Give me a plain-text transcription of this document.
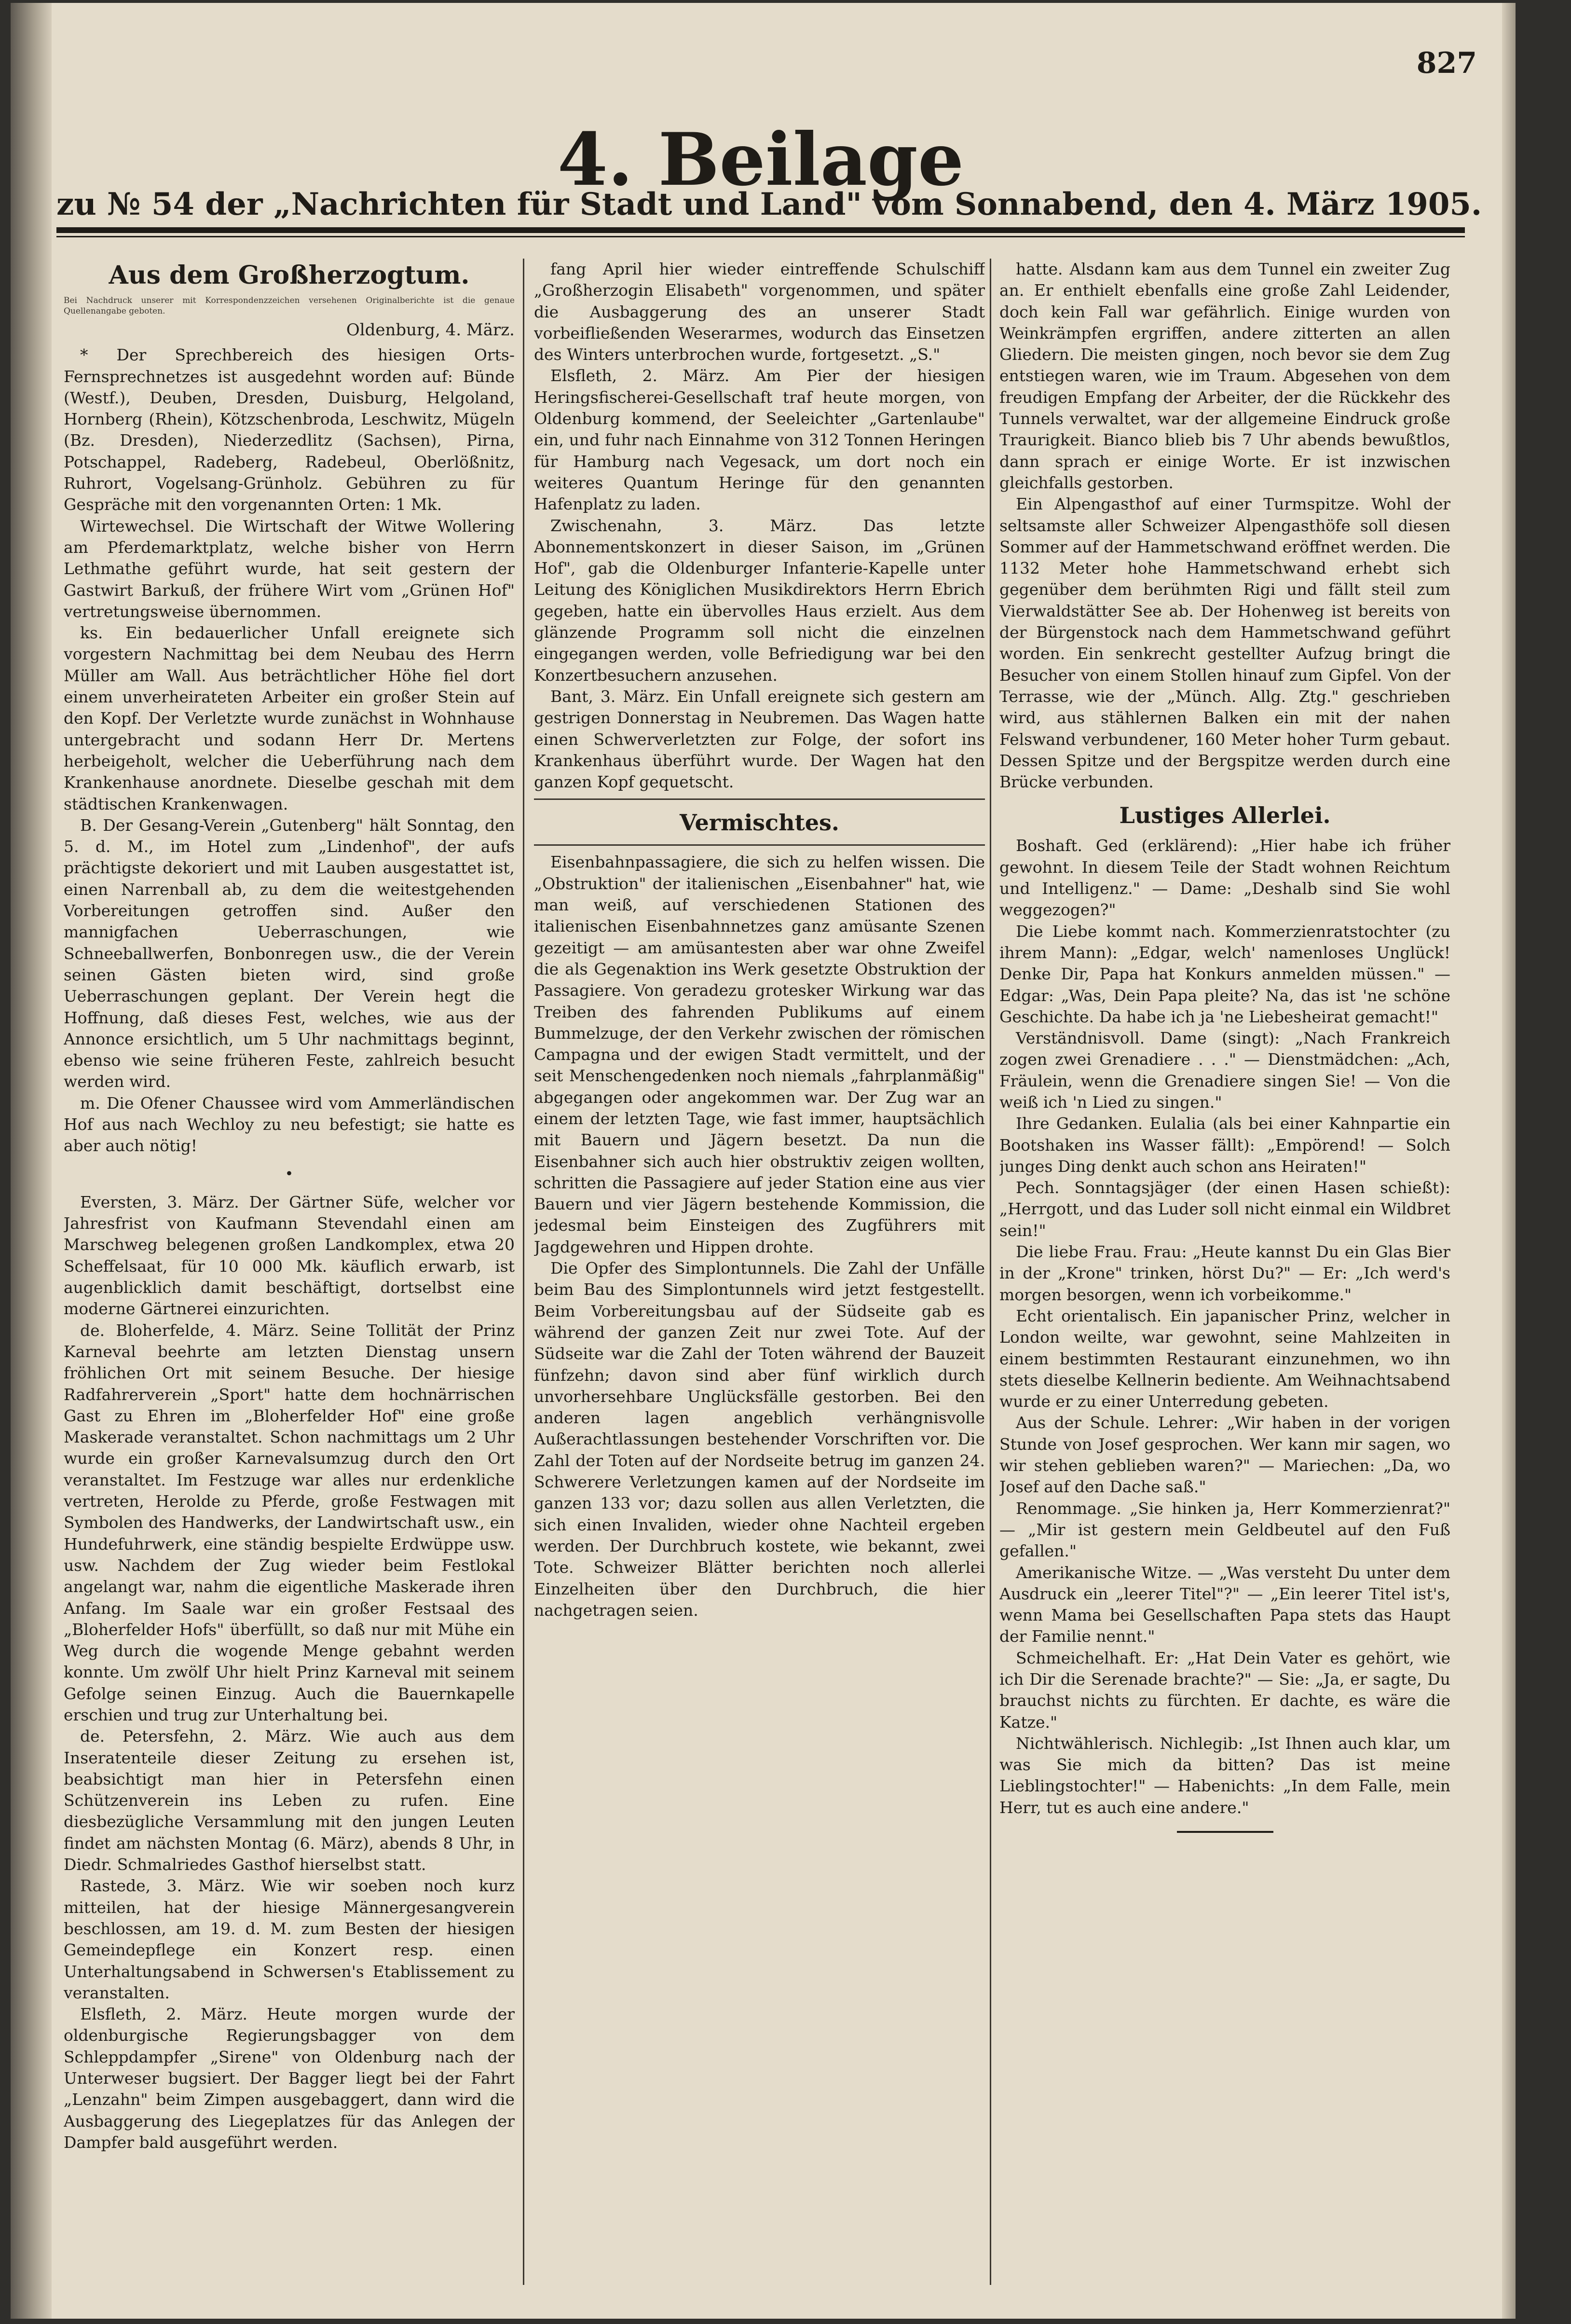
827
4. Beilage
zu № 54 der „Nachrichten für Stadt und Land" vom Sonnabend, den 4. März 1905.
Aus dem Großherzogtum.
Bei Nachdruck unserer mit Korrespondenzzeichen versehenen Originalberichte ist die genaue Quellenangabe geboten.
Oldenburg, 4. März.

* Der Sprechbereich des hiesigen Orts-Fernsprechnetzes ist ausgedehnt worden auf: Bünde (Westf.), Deuben, Dresden, Duisburg, Helgoland, Hornberg (Rhein), Kötzschenbroda, Leschwitz, Mügeln (Bz. Dresden), Niederzedlitz (Sachsen), Pirna, Potschappel, Radeberg, Radebeul, Oberlößnitz, Ruhrort, Vogelsang-Grünholz. Gebühren zu für Gespräche mit den vorgenannten Orten: 1 Mk.

Wirtewechsel. Die Wirtschaft der Witwe Wollering am Pferdemarktplatz, welche bisher von Herrn Lethmathe geführt wurde, hat seit gestern der Gastwirt Barkuß, der frühere Wirt vom „Grünen Hof" vertretungsweise übernommen.

ks. Ein bedauerlicher Unfall ereignete sich vorgestern Nachmittag bei dem Neubau des Herrn Müller am Wall. Aus beträchtlicher Höhe fiel dort einem unverheirateten Arbeiter ein großer Stein auf den Kopf. Der Verletzte wurde zunächst in Wohnhause untergebracht und sodann Herr Dr. Mertens herbeigeholt, welcher die Ueberführung nach dem Krankenhause anordnete. Dieselbe geschah mit dem städtischen Krankenwagen.

B. Der Gesang-Verein „Gutenberg" hält Sonntag, den 5. d. M., im Hotel zum „Lindenhof", der aufs prächtigste dekoriert und mit Lauben ausgestattet ist, einen Narrenball ab, zu dem die weitestgehenden Vorbereitungen getroffen sind. Außer den mannigfachen Ueberraschungen, wie Schneeballwerfen, Bonbonregen usw., die der Verein seinen Gästen bieten wird, sind große Ueberraschungen geplant. Der Verein hegt die Hoffnung, daß dieses Fest, welches, wie aus der Annonce ersichtlich, um 5 Uhr nachmittags beginnt, ebenso wie seine früheren Feste, zahlreich besucht werden wird.

m. Die Ofener Chaussee wird vom Ammerländischen Hof aus nach Wechloy zu neu befestigt; sie hatte es aber auch nötig!

•

Eversten, 3. März. Der Gärtner Süfe, welcher vor Jahresfrist von Kaufmann Stevendahl einen am Marschweg belegenen großen Landkomplex, etwa 20 Scheffelsaat, für 10 000 Mk. käuflich erwarb, ist augenblicklich damit beschäftigt, dortselbst eine moderne Gärtnerei einzurichten.

de. Bloherfelde, 4. März. Seine Tollität der Prinz Karneval beehrte am letzten Dienstag unsern fröhlichen Ort mit seinem Besuche. Der hiesige Radfahrerverein „Sport" hatte dem hochnärrischen Gast zu Ehren im „Bloherfelder Hof" eine große Maskerade veranstaltet. Schon nachmittags um 2 Uhr wurde ein großer Karnevalsumzug durch den Ort veranstaltet. Im Festzuge war alles nur erdenkliche vertreten, Herolde zu Pferde, große Festwagen mit Symbolen des Handwerks, der Landwirtschaft usw., ein Hundefuhrwerk, eine ständig bespielte Erdwüppe usw. usw. Nachdem der Zug wieder beim Festlokal angelangt war, nahm die eigentliche Maskerade ihren Anfang. Im Saale war ein großer Festsaal des „Bloherfelder Hofs" überfüllt, so daß nur mit Mühe ein Weg durch die wogende Menge gebahnt werden konnte. Um zwölf Uhr hielt Prinz Karneval mit seinem Gefolge seinen Einzug. Auch die Bauernkapelle erschien und trug zur Unterhaltung bei.

de. Petersfehn, 2. März. Wie auch aus dem Inseratenteile dieser Zeitung zu ersehen ist, beabsichtigt man hier in Petersfehn einen Schützenverein ins Leben zu rufen. Eine diesbezügliche Versammlung mit den jungen Leuten findet am nächsten Montag (6. März), abends 8 Uhr, in Diedr. Schmalriedes Gasthof hierselbst statt.

Rastede, 3. März. Wie wir soeben noch kurz mitteilen, hat der hiesige Männergesangverein beschlossen, am 19. d. M. zum Besten der hiesigen Gemeindepflege ein Konzert resp. einen Unterhaltungsabend in Schwersen's Etablissement zu veranstalten.

Elsfleth, 2. März. Heute morgen wurde der oldenburgische Regierungsbagger von dem Schleppdampfer „Sirene" von Oldenburg nach der Unterweser bugsiert. Der Bagger liegt bei der Fahrt „Lenzahn" beim Zimpen ausgebaggert, dann wird die Ausbaggerung des Liegeplatzes für das Anlegen der Dampfer bald ausgeführt werden.

fang April hier wieder eintreffende Schulschiff „Großherzogin Elisabeth" vorgenommen, und später die Ausbaggerung des an unserer Stadt vorbeifließenden Weserarmes, wodurch das Einsetzen des Winters unterbrochen wurde, fortgesetzt. „S."

Elsfleth, 2. März. Am Pier der hiesigen Heringsfischerei-Gesellschaft traf heute morgen, von Oldenburg kommend, der Seeleichter „Gartenlaube" ein, und fuhr nach Einnahme von 312 Tonnen Heringen für Hamburg nach Vegesack, um dort noch ein weiteres Quantum Heringe für den genannten Hafenplatz zu laden.

Zwischenahn, 3. März. Das letzte Abonnementskonzert in dieser Saison, im „Grünen Hof", gab die Oldenburger Infanterie-Kapelle unter Leitung des Königlichen Musikdirektors Herrn Ebrich gegeben, hatte ein übervolles Haus erzielt. Aus dem glänzende Programm soll nicht die einzelnen eingegangen werden, volle Befriedigung war bei den Konzertbesuchern anzusehen.

Bant, 3. März. Ein Unfall ereignete sich gestern am gestrigen Donnerstag in Neubremen. Das Wagen hatte einen Schwerverletzten zur Folge, der sofort ins Krankenhaus überführt wurde. Der Wagen hat den ganzen Kopf gequetscht.

Vermischtes.

Eisenbahnpassagiere, die sich zu helfen wissen. Die „Obstruktion" der italienischen „Eisenbahner" hat, wie man weiß, auf verschiedenen Stationen des italienischen Eisenbahnnetzes ganz amüsante Szenen gezeitigt — am amüsantesten aber war ohne Zweifel die als Gegenaktion ins Werk gesetzte Obstruktion der Passagiere. Von geradezu grotesker Wirkung war das Treiben des fahrenden Publikums auf einem Bummelzuge, der den Verkehr zwischen der römischen Campagna und der ewigen Stadt vermittelt, und der seit Menschengedenken noch niemals „fahrplanmäßig" abgegangen oder angekommen war. Der Zug war an einem der letzten Tage, wie fast immer, hauptsächlich mit Bauern und Jägern besetzt. Da nun die Eisenbahner sich auch hier obstruktiv zeigen wollten, schritten die Passagiere auf jeder Station eine aus vier Bauern und vier Jägern bestehende Kommission, die jedesmal beim Einsteigen des Zugführers mit Jagdgewehren und Hippen drohte.

Die Opfer des Simplontunnels. Die Zahl der Unfälle beim Bau des Simplontunnels wird jetzt festgestellt. Beim Vorbereitungsbau auf der Südseite gab es während der ganzen Zeit nur zwei Tote. Auf der Südseite war die Zahl der Toten während der Bauzeit fünfzehn; davon sind aber fünf wirklich durch unvorhersehbare Unglücksfälle gestorben. Bei den anderen lagen angeblich verhängnisvolle Außerachtlassungen bestehender Vorschriften vor. Die Zahl der Toten auf der Nordseite betrug im ganzen 24. Schwerere Verletzungen kamen auf der Nordseite im ganzen 133 vor; dazu sollen aus allen Verletzten, die sich einen Invaliden, wieder ohne Nachteil ergeben werden. Der Durchbruch kostete, wie bekannt, zwei Tote. Schweizer Blätter berichten noch allerlei Einzelheiten über den Durchbruch, die hier nachgetragen seien.

hatte. Alsdann kam aus dem Tunnel ein zweiter Zug an. Er enthielt ebenfalls eine große Zahl Leidender, doch kein Fall war gefährlich. Einige wurden von Weinkrämpfen ergriffen, andere zitterten an allen Gliedern. Die meisten gingen, noch bevor sie dem Zug entstiegen waren, wie im Traum. Abgesehen von dem freudigen Empfang der Arbeiter, der die Rückkehr des Tunnels verwaltet, war der allgemeine Eindruck große Traurigkeit. Bianco blieb bis 7 Uhr abends bewußtlos, dann sprach er einige Worte. Er ist inzwischen gleichfalls gestorben.

Ein Alpengasthof auf einer Turmspitze. Wohl der seltsamste aller Schweizer Alpengasthöfe soll diesen Sommer auf der Hammetschwand eröffnet werden. Die 1132 Meter hohe Hammetschwand erhebt sich gegenüber dem berühmten Rigi und fällt steil zum Vierwaldstätter See ab. Der Hohenweg ist bereits von der Bürgenstock nach dem Hammetschwand geführt worden. Ein senkrecht gestellter Aufzug bringt die Besucher von einem Stollen hinauf zum Gipfel. Von der Terrasse, wie der „Münch. Allg. Ztg." geschrieben wird, aus stählernen Balken ein mit der nahen Felswand verbundener, 160 Meter hoher Turm gebaut. Dessen Spitze und der Bergspitze werden durch eine Brücke verbunden.

Lustiges Allerlei.

Boshaft. Ged (erklärend): „Hier habe ich früher gewohnt. In diesem Teile der Stadt wohnen Reichtum und Intelligenz." — Dame: „Deshalb sind Sie wohl weggezogen?"

Die Liebe kommt nach. Kommerzienratstochter (zu ihrem Mann): „Edgar, welch' namenloses Unglück! Denke Dir, Papa hat Konkurs anmelden müssen." — Edgar: „Was, Dein Papa pleite? Na, das ist 'ne schöne Geschichte. Da habe ich ja 'ne Liebesheirat gemacht!"

Verständnisvoll. Dame (singt): „Nach Frankreich zogen zwei Grenadiere . . ." — Dienstmädchen: „Ach, Fräulein, wenn die Grenadiere singen Sie! — Von die weiß ich 'n Lied zu singen."

Ihre Gedanken. Eulalia (als bei einer Kahnpartie ein Bootshaken ins Wasser fällt): „Empörend! — Solch junges Ding denkt auch schon ans Heiraten!"

Pech. Sonntagsjäger (der einen Hasen schießt): „Herrgott, und das Luder soll nicht einmal ein Wildbret sein!"

Die liebe Frau. Frau: „Heute kannst Du ein Glas Bier in der „Krone" trinken, hörst Du?" — Er: „Ich werd's morgen besorgen, wenn ich vorbeikomme."

Echt orientalisch. Ein japanischer Prinz, welcher in London weilte, war gewohnt, seine Mahlzeiten in einem bestimmten Restaurant einzunehmen, wo ihn stets dieselbe Kellnerin bediente. Am Weihnachtsabend wurde er zu einer Unterredung gebeten.

Aus der Schule. Lehrer: „Wir haben in der vorigen Stunde von Josef gesprochen. Wer kann mir sagen, wo wir stehen geblieben waren?" — Mariechen: „Da, wo Josef auf den Dache saß."

Renommage. „Sie hinken ja, Herr Kommerzienrat?" — „Mir ist gestern mein Geldbeutel auf den Fuß gefallen."

Amerikanische Witze. — „Was versteht Du unter dem Ausdruck ein „leerer Titel"?" — „Ein leerer Titel ist's, wenn Mama bei Gesellschaften Papa stets das Haupt der Familie nennt."

Schmeichelhaft. Er: „Hat Dein Vater es gehört, wie ich Dir die Serenade brachte?" — Sie: „Ja, er sagte, Du brauchst nichts zu fürchten. Er dachte, es wäre die Katze."

Nichtwählerisch. Nichlegib: „Ist Ihnen auch klar, um was Sie mich da bitten? Das ist meine Lieblingstochter!" — Habenichts: „In dem Falle, mein Herr, tut es auch eine andere."
